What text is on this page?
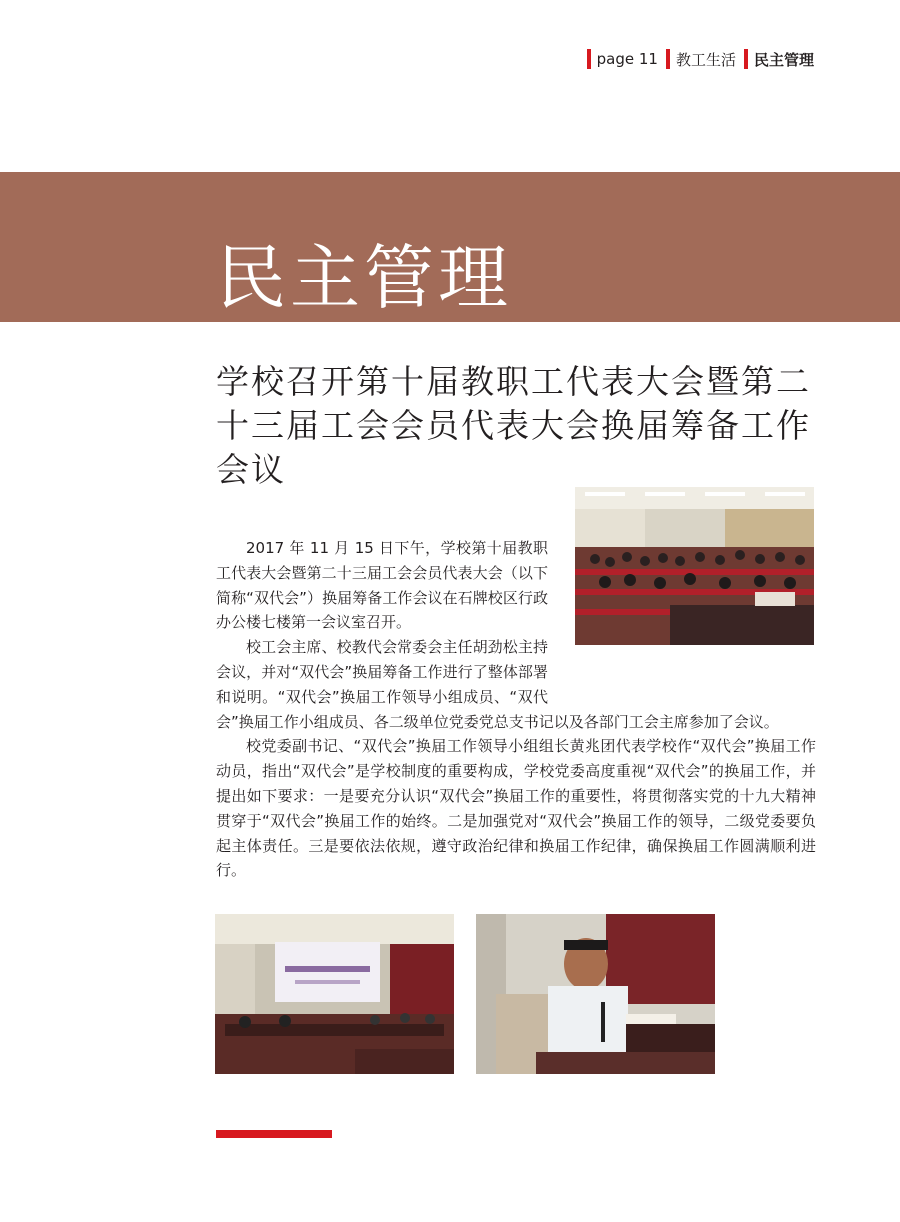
page 11 教工生活 民主管理
民主管理
学校召开第十届教职工代表大会暨第二十三届工会会员代表大会换届筹备工作会议

2017 年 11 月 15 日下午，学校第十届教职工代表大会暨第二十三届工会会员代表大会（以下简称“双代会”）换届筹备工作会议在石牌校区行政办公楼七楼第一会议室召开。

校工会主席、校教代会常委会主任胡劲松主持会议，并对“双代会”换届筹备工作进行了整体部署和说明。“双代会”换届工作领导小组成员、“双代会”换届工作小组成员、各二级单位党委党总支书记以及各部门工会主席参加了会议。

校党委副书记、“双代会”换届工作领导小组组长黄兆团代表学校作“双代会”换届工作动员，指出“双代会”是学校制度的重要构成，学校党委高度重视“双代会”的换届工作，并提出如下要求：一是要充分认识“双代会”换届工作的重要性，将贯彻落实党的十九大精神贯穿于“双代会”换届工作的始终。二是加强党对“双代会”换届工作的领导，二级党委要负起主体责任。三是要依法依规，遵守政治纪律和换届工作纪律，确保换届工作圆满顺利进行。
